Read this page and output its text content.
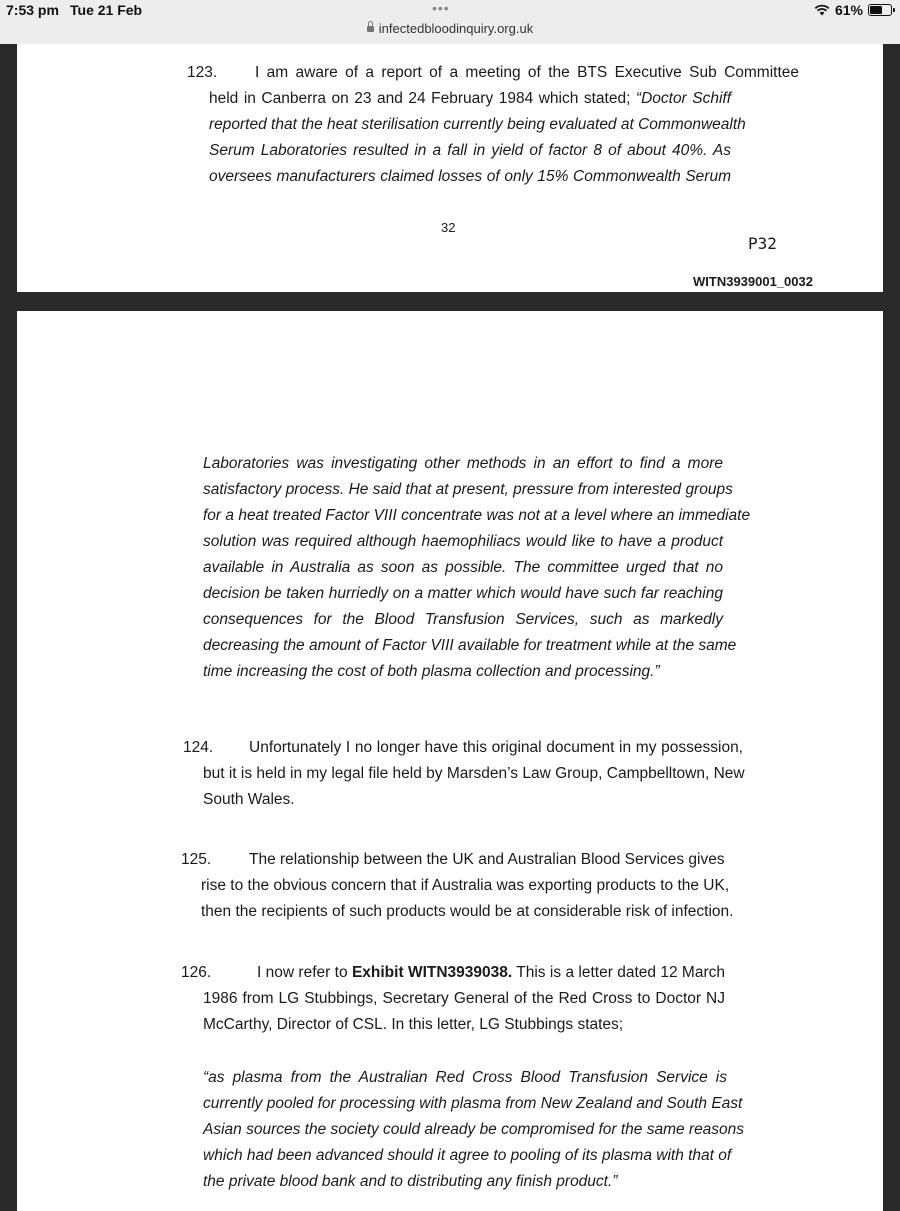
7:53 pm Tue 21 Feb	•••
infectedbloodinquiry.org.uk
61%
123. I am aware of a report of a meeting of the BTS Executive Sub Committee
held in Canberra on 23 and 24 February 1984 which stated; “Doctor Schiff
reported that the heat sterilisation currently being evaluated at Commonwealth
Serum Laboratories resulted in a fall in yield of factor 8 of about 40%. As
oversees manufacturers claimed losses of only 15% Commonwealth Serum
32
P32
WITN3939001_0032
Laboratories was investigating other methods in an effort to find a more
satisfactory process. He said that at present, pressure from interested groups
for a heat treated Factor VIII concentrate was not at a level where an immediate
solution was required although haemophiliacs would like to have a product
available in Australia as soon as possible. The committee urged that no
decision be taken hurriedly on a matter which would have such far reaching
consequences for the Blood Transfusion Services, such as markedly
decreasing the amount of Factor VIII available for treatment while at the same
time increasing the cost of both plasma collection and processing.”
124. Unfortunately I no longer have this original document in my possession,
but it is held in my legal file held by Marsden’s Law Group, Campbelltown, New
South Wales.
125. The relationship between the UK and Australian Blood Services gives
rise to the obvious concern that if Australia was exporting products to the UK,
then the recipients of such products would be at considerable risk of infection.
126.	I now refer to Exhibit WITN3939038. This is a letter dated 12 March
1986 from LG Stubbings, Secretary General of the Red Cross to Doctor NJ
McCarthy, Director of CSL. In this letter, LG Stubbings states;
“as plasma from the Australian Red Cross Blood Transfusion Service is
currently pooled for processing with plasma from New Zealand and South East
Asian sources the society could already be compromised for the same reasons
which had been advanced should it agree to pooling of its plasma with that of
the private blood bank and to distributing any finish product.”
